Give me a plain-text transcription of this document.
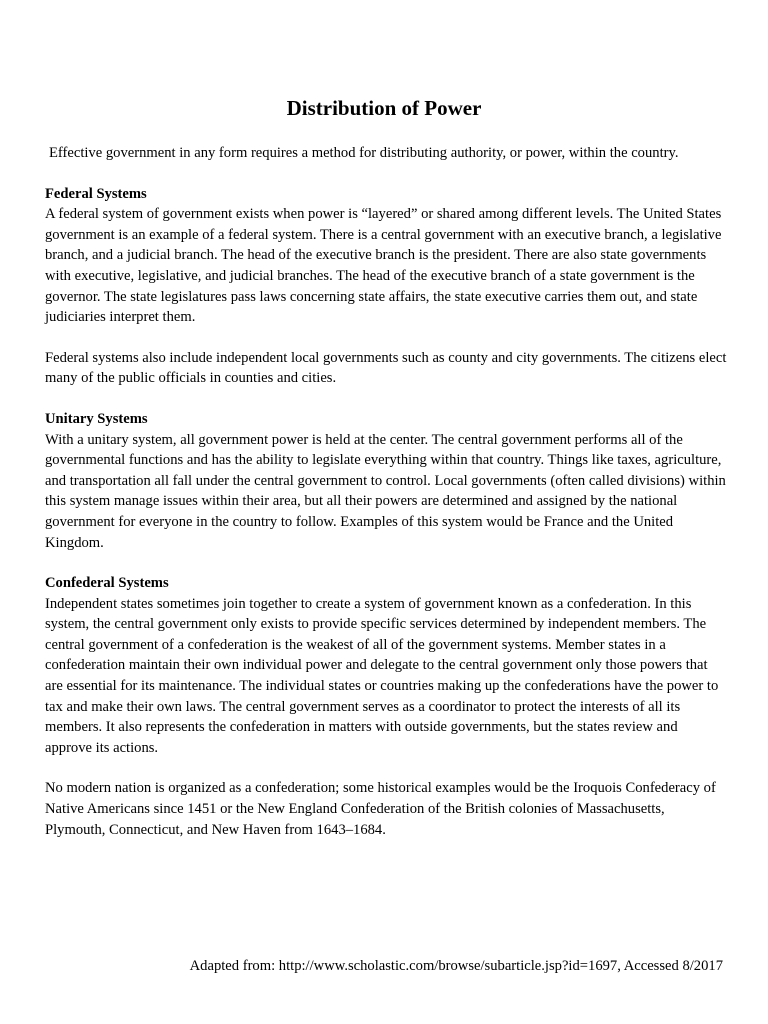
Distribution of Power

Effective government in any form requires a method for distributing authority, or power, within the country.

Federal Systems

A federal system of government exists when power is “layered” or shared among different levels. The United States government is an example of a federal system. There is a central government with an executive branch, a legislative branch, and a judicial branch. The head of the executive branch is the president. There are also state governments with executive, legislative, and judicial branches. The head of the executive branch of a state government is the governor. The state legislatures pass laws concerning state affairs, the state executive carries them out, and state judiciaries interpret them.

Federal systems also include independent local governments such as county and city governments. The citizens elect many of the public officials in counties and cities.

Unitary Systems

With a unitary system, all government power is held at the center. The central government performs all of the governmental functions and has the ability to legislate everything within that country. Things like taxes, agriculture, and transportation all fall under the central government to control. Local governments (often called divisions) within this system manage issues within their area, but all their powers are determined and assigned by the national government for everyone in the country to follow. Examples of this system would be France and the United Kingdom.

Confederal Systems

Independent states sometimes join together to create a system of government known as a confederation. In this system, the central government only exists to provide specific services determined by independent members. The central government of a confederation is the weakest of all of the government systems. Member states in a confederation maintain their own individual power and delegate to the central government only those powers that are essential for its maintenance. The individual states or countries making up the confederations have the power to tax and make their own laws. The central government serves as a coordinator to protect the interests of all its members. It also represents the confederation in matters with outside governments, but the states review and approve its actions.

No modern nation is organized as a confederation; some historical examples would be the Iroquois Confederacy of Native Americans since 1451 or the New England Confederation of the British colonies of Massachusetts, Plymouth, Connecticut, and New Haven from 1643–1684.

Adapted from: http://www.scholastic.com/browse/subarticle.jsp?id=1697, Accessed 8/2017
